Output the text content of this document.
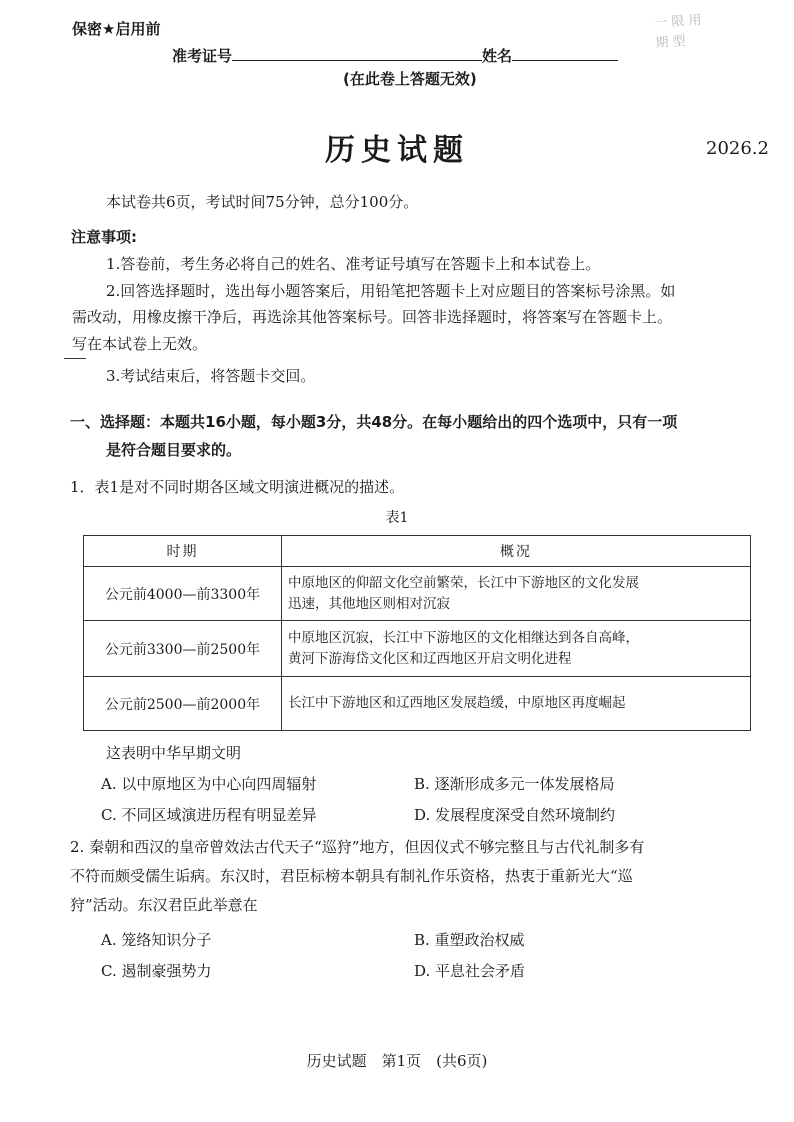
保密★启用前
准考证号	姓名
(在此卷上答题无效)
一 限 用 期 型
历史试题	2026.2
本试卷共6页，考试时间75分钟，总分100分。
注意事项:
1.答卷前，考生务必将自己的姓名、准考证号填写在答题卡上和本试卷上。
2.回答选择题时，选出每小题答案后，用铅笔把答题卡上对应题目的答案标号涂黑。如
需改动，用橡皮擦干净后，再选涂其他答案标号。回答非选择题时，将答案写在答题卡上。
写在本试卷上无效。
3.考试结束后，将答题卡交回。
一、选择题：本题共16小题，每小题3分，共48分。在每小题给出的四个选项中，只有一项
是符合题目要求的。
1．表1是对不同时期各区域文明演进概况的描述。
表1
时期	概况
公元前4000—前3300年	中原地区的仰韶文化空前繁荣，长江中下游地区的文化发展
迅速，其他地区则相对沉寂

公元前3300—前2500年	中原地区沉寂，长江中下游地区的文化相继达到各自高峰，
黄河下游海岱文化区和辽西地区开启文明化进程

公元前2500—前2000年	长江中下游地区和辽西地区发展趋缓，中原地区再度崛起
这表明中华早期文明
A. 以中原地区为中心向四周辐射	B. 逐渐形成多元一体发展格局
C. 不同区域演进历程有明显差异	D. 发展程度深受自然环境制约
2. 秦朝和西汉的皇帝曾效法古代天子“巡狩”地方，但因仪式不够完整且与古代礼制多有
不符而颇受儒生诟病。东汉时，君臣标榜本朝具有制礼作乐资格，热衷于重新光大“巡
狩”活动。东汉君臣此举意在
A. 笼络知识分子	B. 重塑政治权威
C. 遏制豪强势力	D. 平息社会矛盾
历史试题　第1页　(共6页)
